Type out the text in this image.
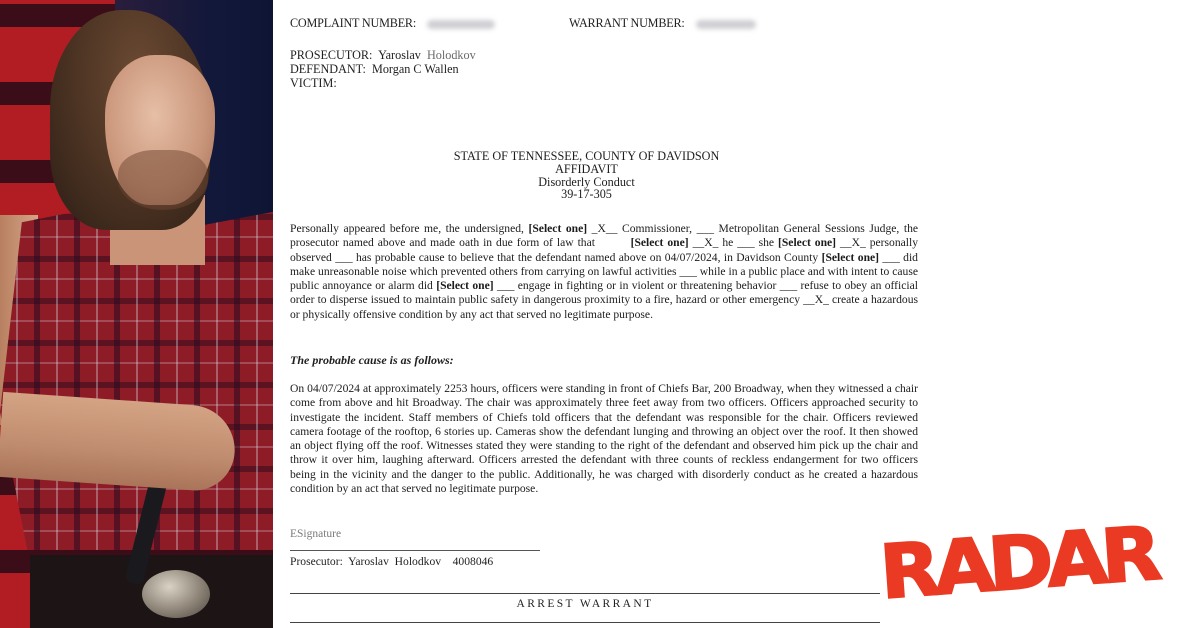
COMPLAINT NUMBER:	WARRANT NUMBER:
PROSECUTOR: Yaroslav Holodkov
DEFENDANT: Morgan C Wallen
VICTIM:
STATE OF TENNESSEE, COUNTY OF DAVIDSON
AFFIDAVIT
Disorderly Conduct
39-17-305
Personally appeared before me, the undersigned, [Select one] _X__ Commissioner, ___ Metropolitan General Sessions Judge, the prosecutor named above and made oath in due form of law that	[Select one] __X_ he ___ she [Select one] __X_ personally observed ___ has probable cause to believe that the defendant named above on 04/07/2024, in Davidson County [Select one] ___ did make unreasonable noise which prevented others from carrying on lawful activities ___ while in a public place and with intent to cause public annoyance or alarm did [Select one] ___ engage in fighting or in violent or threatening behavior ___ refuse to obey an official order to disperse issued to maintain public safety in dangerous proximity to a fire, hazard or other emergency __X_ create a hazardous or physically offensive condition by any act that served no legitimate purpose.
The probable cause is as follows:
On 04/07/2024 at approximately 2253 hours, officers were standing in front of Chiefs Bar, 200 Broadway, when they witnessed a chair come from above and hit Broadway. The chair was approximately three feet away from two officers. Officers approached security to investigate the incident. Staff members of Chiefs told officers that the defendant was responsible for the chair. Officers reviewed camera footage of the rooftop, 6 stories up. Cameras show the defendant lunging and throwing an object over the roof. It then showed an object flying off the roof. Witnesses stated they were standing to the right of the defendant and observed him pick up the chair and throw it over him, laughing afterward. Officers arrested the defendant with three counts of reckless endangerment for two officers being in the vicinity and the danger to the public. Additionally, he was charged with disorderly conduct as he created a hazardous condition by an act that served no legitimate purpose.
ESignature
Prosecutor:  Yaroslav  Holodkov    4008046
ARREST WARRANT	RADAR
